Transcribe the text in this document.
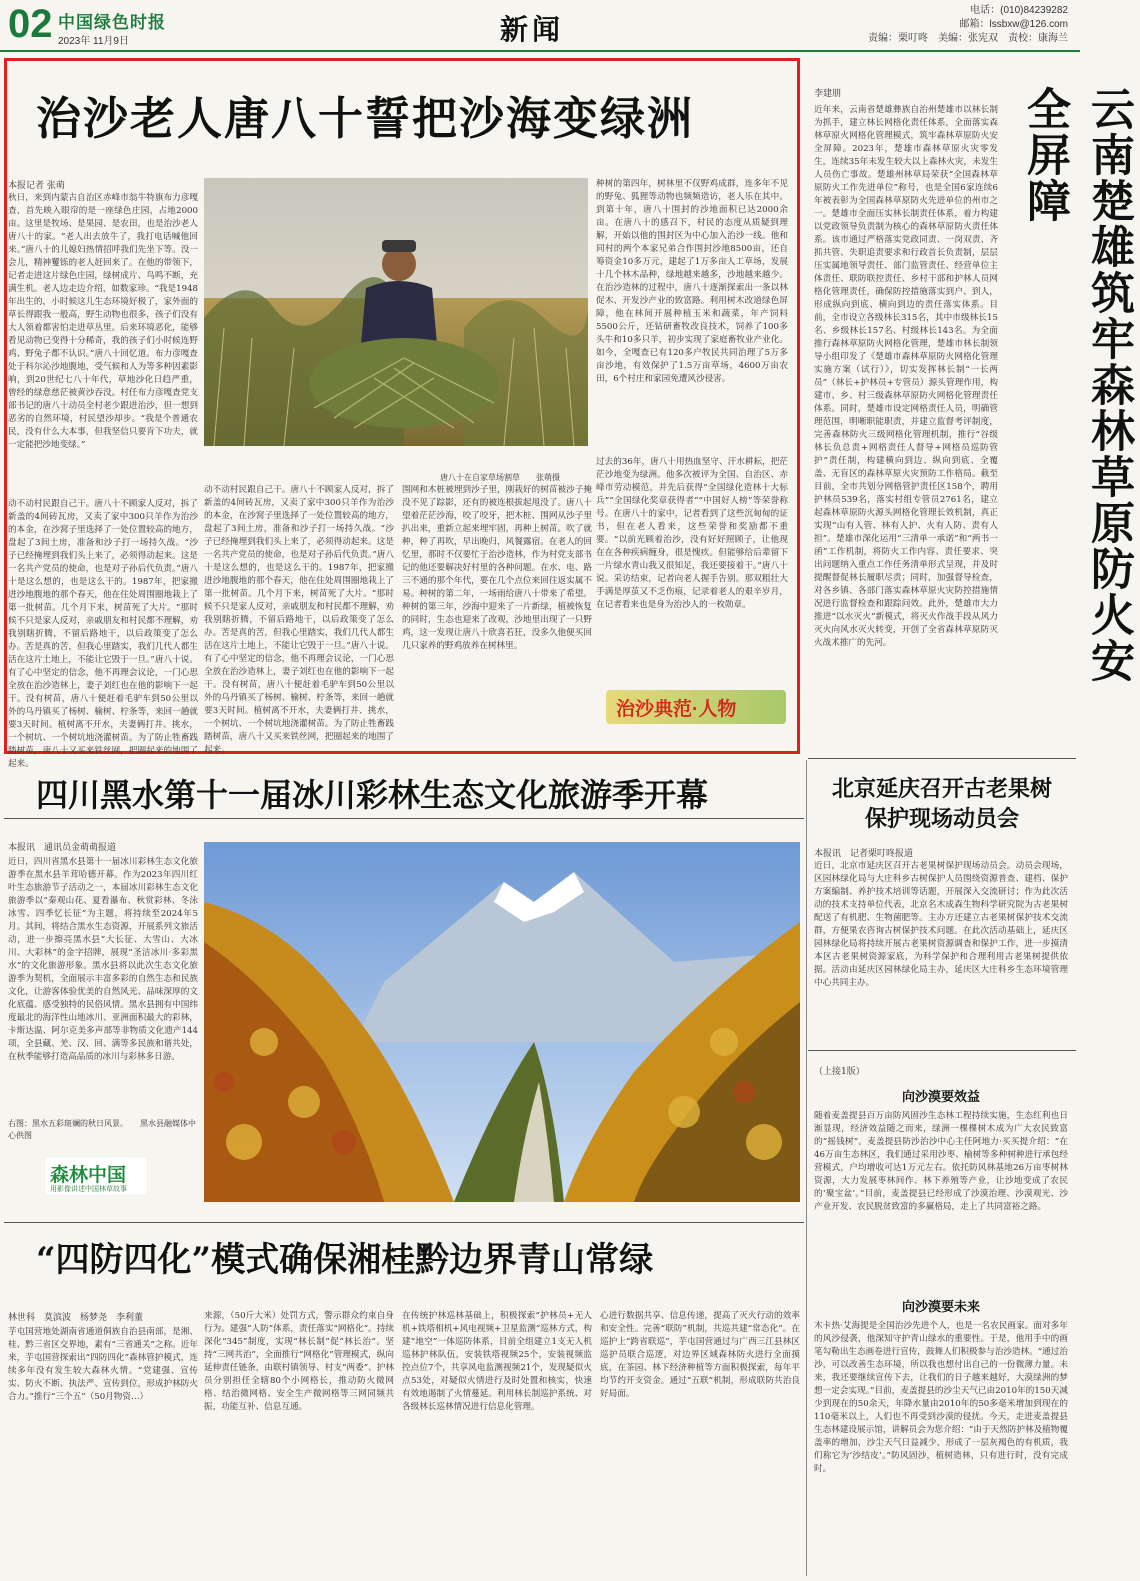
02 中国绿色时报
2023年 11月9日	新闻
电话：(010)84239282
邮箱：lssbxw@126.com
责编：栗叮咚　美编：张宪双　责校：康海兰
治沙老人唐八十誓把沙海变绿洲
本报记者 张萌
秋日，来到内蒙古自治区赤峰市翁牛特旗布力彦嘎查，首先映入眼帘的是一座绿色庄园，占地2000亩。这里是牧场、是果园、是农田，也是治沙老人唐八十的家。“老人出去放牛了，我打电话喊他回来。”唐八十的儿媳妇热情招呼我们先坐下等。没一会儿，精神矍铄的老人赶回来了。在他的带领下，记者走进这片绿色庄园，绿树成片、鸟鸣不断，充满生机。老人边走边介绍，如数家珍。“我是1948年出生的，小时候这儿生态环境好极了，家外面的草长得跟我一般高，野生动物也很多，孩子们没有大人领着都害怕走进草丛里。后来环境恶化，能够看见动物已变得十分稀奇，我的孩子们小时候连野鸡、野兔子都不认识。”唐八十回忆道。布力彦嘎查处于科尔沁沙地腹地，受气候和人为等多种因素影响，到20世纪七八十年代，草地沙化日趋严重，曾经的绿意慈茫被黄沙吞没。村任布力彦嘎查党支部书记的唐八十动员全村老少跟进治沙，但一想到恶劣的自然环境，村民望沙却步。“我是个普通农民，没有什么大本事，但我坚信只要肯下功夫，就一定能把沙地变绿。”
唐八十在自家草场割草　　张萌摄
动不动村民跟自己干。唐八十不顾家人反对，拆了新盖的4间砖瓦房，又卖了家中300只羊作为治沙的本金，在沙窝子里选择了一处位置较高的地方，盘起了3间土房，准备和沙子打一场持久战。“沙子已经掩埋到我们头上来了，必须得动起来。这是一名共产党员的使命，也是对子孙后代负责。”唐八十是这么想的，也是这么干的。1987年，把家搬进沙地腹地的那个春天，他在住处周围圈地栽上了第一批树苗。几个月下来，树苗死了大片。“那时候不只是家人反对，亲戚朋友和村民都不理解，劝我别瞎折腾，不留后路地干，以后政策变了怎么办。苦是真的苦，但我心里踏实，我们几代人都生活在这片土地上，不能让它毁于一旦。”唐八十说。有了心中坚定的信念，他不再理会议论，一门心思全放在治沙造林上，妻子刘红也在他的影响下一起干。没有树苗，唐八十便赶着毛驴车到50公里以外的乌丹镇买了杨树、榆树、柠条等，来回一趟就要3天时间。植树离不开水，夫妻俩打井、挑水，一个树坑、一个树坑地浇灌树苗。为了防止牲畜践踏树苗，唐八十又买来铁丝网，把圈起来的地围了起来。
动不动村民跟自己干。唐八十不顾家人反对，拆了新盖的4间砖瓦房，又卖了家中300只羊作为治沙的本金，在沙窝子里选择了一处位置较高的地方，盘起了3间土房，准备和沙子打一场持久战。“沙子已经掩埋到我们头上来了，必须得动起来。这是一名共产党员的使命，也是对子孙后代负责。”唐八十是这么想的，也是这么干的。1987年，把家搬进沙地腹地的那个春天，他在住处周围圈地栽上了第一批树苗。几个月下来，树苗死了大片。“那时候不只是家人反对，亲戚朋友和村民都不理解，劝我别瞎折腾，不留后路地干，以后政策变了怎么办。苦是真的苦，但我心里踏实，我们几代人都生活在这片土地上，不能让它毁于一旦。”唐八十说。有了心中坚定的信念，他不再理会议论，一门心思全放在治沙造林上，妻子刘红也在他的影响下一起干。没有树苗，唐八十便赶着毛驴车到50公里以外的乌丹镇买了杨树、榆树、柠条等，来回一趟就要3天时间。植树离不开水，夫妻俩打井、挑水，一个树坑、一个树坑地浇灌树苗。为了防止牲畜践踏树苗，唐八十又买来铁丝网，把圈起来的地围了起来。
围网和木桩被埋到沙子里，刚栽好的树苗被沙子掩没不见了踪影，还有的被连根拔起甩没了。唐八十望着茫茫沙海，咬了咬牙，把木桩、围网从沙子里扒出来，重新立起来埋牢固，再种上树苗。吹了就种，种了再吹，早出晚归，风餐露宿。在老人的回忆里，那时不仅要忙于治沙造林，作为村党支部书记的他还要解决好村里的各种问题。在水、电、路三不通的那个年代，要在几个点位来回往返实属不易。种树的第二年，一场雨给唐八十带来了希望。种树的第三年，沙海中迎来了一片新绿，植被恢复的同时，生态也迎来了改观，沙地里出现了一只野鸡，这一发现让唐八十欣喜若狂，没多久他便买回几只家养的野鸡放养在树林里。
种树的第四年，树林里不仅野鸡成群，连多年不见的野兔、狐狸等动物也频频造访，老人乐在其中。到第十年，唐八十围封的沙地面积已达2000余亩。在唐八十的感召下，村民的态度从质疑到理解，开始以他的围封区为中心加入治沙一线。他和同村的两个本家兄弟合作围封沙地8500亩，还自筹资金10多万元，建起了1万多亩人工草场，发展十几个林木品种，绿地越来越多，沙地越来越少。在治沙造林的过程中，唐八十逐渐探索出一条以林促木、开发沙产业的致富路。利用树木改道绿色屏障，他在林间开展种植玉米和蔬菜，年产饲料5500公斤，还钻研畜牧改良技术，饲养了100多头牛和10多只羊，初步实现了家庭畜牧业产业化。如今，全嘎查已有120多户牧民共同治理了5万多亩沙地，有效保护了1.5万亩草场，4600万亩农田，6个村庄和家园免遭风沙侵害。
过去的36年，唐八十用热血坚守、汗水耕耘，把茫茫沙地变为绿洲。他多次被评为全国、自治区、赤峰市劳动模范，并先后获得“全国绿化造林十大标兵”“全国绿化奖章获得者”“中国好人榜”等荣誉称号。在唐八十的家中，记者看到了这些沉甸甸的证书，但在老人看来，这些荣誉和奖励都不重要。“以前光顾着治沙，没有好好照顾子，让他现在在各种疾病缠身，很是愧疚。但能够给后辈留下一片绿水青山我又很知足，我还要接着干。”唐八十说。采访结束，记者向老人握手告别。那双粗壮大手满是厚茧又不乏伤痕，记录着老人的艰辛岁月，在记者看来也是身为治沙人的一枚勋章。
治沙典范·人物
李建朋
近年来，云南省楚雄彝族自治州楚雄市以林长制为抓手，建立林长网格化责任体系，全面落实森林草原火网格化管理模式，筑牢森林草原防火安全屏障。2023年，楚雄市森林草原火灾零发生，连续35年未发生较大以上森林火灾，未发生人员伤亡事故。楚雄州林草局荣获“全国森林草原防火工作先进单位”称号，也是全国6家连续6年被表彰为全国森林草原防火先进单位的州市之一。楚雄市全面压实林长制责任体系，着力构建以党政领导负责制为核心的森林草原防火责任体系。该市通过严格落实党政同责、一岗双责、齐抓共管、失职追责要求和行政首长负责制，层层压实属地领导责任、部门监管责任、经营单位主体责任、联防联控责任、乡村干部和护林人员网格化管理责任，确保防控措施落实到户、到人，形成纵向到底、横向到边的责任落实体系。目前，全市设立各级林长315名，其中市级林长15名、乡级林长157名、村级林长143名。为全面推行森林草原防火网格化管理，楚雄市林长制领导小组印发了《楚雄市森林草原防火网格化管理实施方案（试行）》，切实发挥林长制“一长两员”（林长+护林员+专管员）源头管理作用，构建市、乡、村三级森林草原防火网格化管理责任体系。同时，楚雄市设定网格责任人员，明确管理范围，明晰职能职责，并建立监督考评制度，完善森林防火三级网格化管理机制，推行“谷级林长负总责+网格责任人督导+网格员巡防管护”责任制，构建横向到边、纵向到底、全覆盖、无盲区的森林草原火灾预防工作格局。截至目前，全市共划分网格管护责任区158个，聘用护林员539名，落实村组专管员2761名，建立起森林草原防火源头网格化管理长效机制，真正实现“山有人管、林有人护、火有人防、责有人担”。楚雄市深化运用“三清单一承诺”和“两书一函”工作机制，将防火工作内容、责任要求、突出问题纳入重点工作任务清单形式呈现，并及时提醒督促林长履职尽责；同时，加强督导检查，对各乡镇、各部门落实森林草原火灾防控措施情况进行监督检查和跟踪问效。此外，楚雄市大力推进“以水灭火”新模式，将灭火作战手段从风力灭火向风水灭火转变，开创了全省森林草原防灭火战术推广的先河。	云南楚雄筑牢森林草原防火安全屏障
四川黑水第十一届冰川彩林生态文化旅游季开幕
本报讯　通讯员金萌萌报道
近日，四川省黑水县第十一届冰川彩林生态文化旅游季在黑水县羊茸哈德开幕。作为2023年四川红叶生态旅游节子活动之一，本届冰川彩林生态文化旅游季以“秦观山花、夏看瀑布、秋赏彩林、冬泳冰雪、四季忆长征”为主题，将持续至2024年5月。其间，将结合黑水生态资源，开展系列文旅活动，进一步擦亮黑水县“大长征、大雪山、大冰川、大彩林”的金字招牌，展现“圣洁冰川·多彩黑水”的文化旅游形象。黑水县将以此次生态文化旅游季为契机，全面展示丰富多彩的自然生态和民族文化，让游客体验优美的自然风光、品味深厚的文化底蕴、感受独特的民俗风情。黑水县拥有中国纬度最北的海洋性山地冰川、亚洲面积最大的彩林，卡斯达温、阿尔克美多声部等非物质文化遗产144项，全县藏、羌、汉、回、满等多民族和谐共处，在秋季能够打造高品质的冰川与彩林多日游。
右图：黑水五彩斑斓的秋日风景。　　黑水县融媒体中心供图
森林中国
用影像讲述中国林草故事
北京延庆召开古老果树保护现场动员会
本报讯　记者栗叮咚报道
近日，北京市延庆区召开古老果树保护现场动员会。动员会现场，区园林绿化局与大庄科乡古树保护人员围绕资源普查、建档、保护方案编制、养护技术培训等话题，开展深入交流研讨；作为此次活动的技术支持单位代表，北京名木成森生物科学研究院为古老果树配送了有机肥、生物菌肥等。主办方还建立古老果树保护技术交流群，方便果农咨询古树保护技术问题。在此次活动基础上，延庆区园林绿化局将持续开展古老果树资源调查和保护工作，进一步摸清本区古老果树资源家底，为科学保护和合理利用古老果树提供依据。活动由延庆区园林绿化局主办，延庆区大庄科乡生态环境管理中心共同主办。
“四防四化”模式确保湘桂黔边界青山常绿
林世科　莫滨波　杨梦尧　李利董
芋屯国营地处湖南省通道侗族自治县南部，是湘、桂、黔三省区交界地，素有“三省通关”之称。近年来，芋屯国营探索出“四防四化”森林管护模式，连续多年没有发生较大森林火情。“党建强、宣传实、防火不断、执法严、宣传到位，形成护林防火合力。”推行“三个五”（50月物资…）
来源，（50斤大米）处罚方式，警示群众约束自身行为。建强“人防”体系，责任落实“网格化”。持续深化“345”制度，实现“林长制”促“林长治”。坚持“三网共治”，全面推行“网格化”管理模式，纵向延伸责任链条，由联村镇领导、村支“两委”、护林员分别担任全辖80个小网格长，推动防火微网格、结治微网格、安全生产微网格等三网同频共振，功能互补、信息互通。
在传统护林巡林基础上，积极探索“护林员+无人机+铁塔相机+风电视频+卫星监测”巡林方式，构建“地空”一体巡防体系，目前全组建立1支无人机巡林护林队伍，安装铁塔视频25个，安装视频监控点位7个，共享风电监测视频21个，发现疑似火点53处，对疑似火情进行及时处置和核实，快速有效地遏制了火情蔓延。利用林长制巡护系统、对各级林长巡林情况进行信息化管理。
心进行数据共享、信息传递，提高了灭火行动的效率和安全性。完善“联防”机制，共巡共建“常态化”。在巡护上“跨省联巡”，芋屯国营通过与广西三江县林区巡护员联合巡逻，对边界区域森林防火进行全面摸底，在茶园、林下经济种植等方面积极探索，每年平均节约开支资金。通过“五联”机制，形成联防共治良好局面。
（上接1版）
向沙漠要效益
随着麦盖提县百万亩防风固沙生态林工程持续实施，生态红利也日渐显现，经济效益随之而来，绿洲一棵棵树木成为广大农民致富的“摇钱树”。麦盖提县防沙治沙中心主任阿地力·买买提介绍：“在46万亩生态林区，我们通过采用沙枣、榆树等多种树种进行承包经营模式，户均增收可达1万元左右。依托防风林基地26万亩枣树林资源，大力发展枣林间作、林下养殖等产业，让沙地变成了农民的‘聚宝盆’。”目前，麦盖提县已经形成了沙漠治理、沙漠观光、沙产业开发、农民脱贫致富的多赢格局，走上了共同富裕之路。
向沙漠要未来
木卡热·艾海提是全国治沙先进个人，也是一名农民画家。面对多年的风沙侵袭，他深知守护青山绿水的重要性。于是，他用手中的画笔勾勒出生态画卷进行宣传，鼓舞人们积极参与治沙造林。“通过治沙，可以改善生态环境，所以我也想付出自己的一份微薄力量。未来，我还要继续宣传下去，让我们的日子越来越好，大漠绿洲的梦想一定会实现。”目前，麦盖提县的沙尘天气已由2010年的150天减少到现在的50余天，年降水量由2010年的50多毫米增加到现在的110毫米以上，人们也不再受到沙漠的侵扰。今天，走进麦盖提县生态林建设展示馆，讲解员会为您介绍：“由于天然防护林及植物覆盖率的增加，沙尘天气日益减少，形成了一层灰褐色的有机质，我们称它为‘沙结皮’。”防风固沙，植树造林，只有进行时，没有完成时。
